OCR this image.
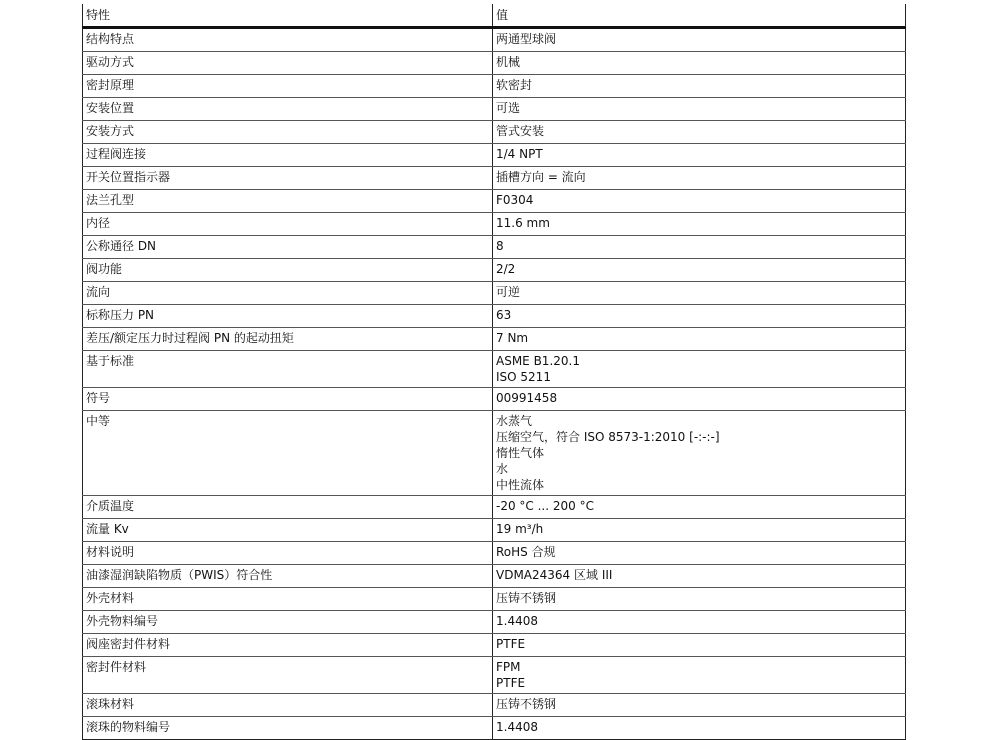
特性	值
结构特点	两通型球阀

驱动方式	机械

密封原理	软密封

安装位置	可选

安装方式	管式安装

过程阀连接	1/4 NPT

开关位置指示器	插槽方向 = 流向

法兰孔型	F0304

内径	11.6 mm

公称通径 DN	8

阀功能	2/2

流向	可逆

标称压力 PN	63

差压/额定压力时过程阀 PN 的起动扭矩	7 Nm

基于标准	ASME B1.20.1
ISO 5211

符号	00991458

中等	水蒸气
压缩空气，符合 ISO 8573-1:2010 [-:-:-]
惰性气体
水
中性流体

介质温度	-20 °C ... 200 °C

流量 Kv	19 m³/h

材料说明	RoHS 合规

油漆湿润缺陷物质（PWIS）符合性	VDMA24364 区域 III

外壳材料	压铸不锈钢

外壳物料编号	1.4408

阀座密封件材料	PTFE

密封件材料	FPM
PTFE

滚珠材料	压铸不锈钢

滚珠的物料编号	1.4408
